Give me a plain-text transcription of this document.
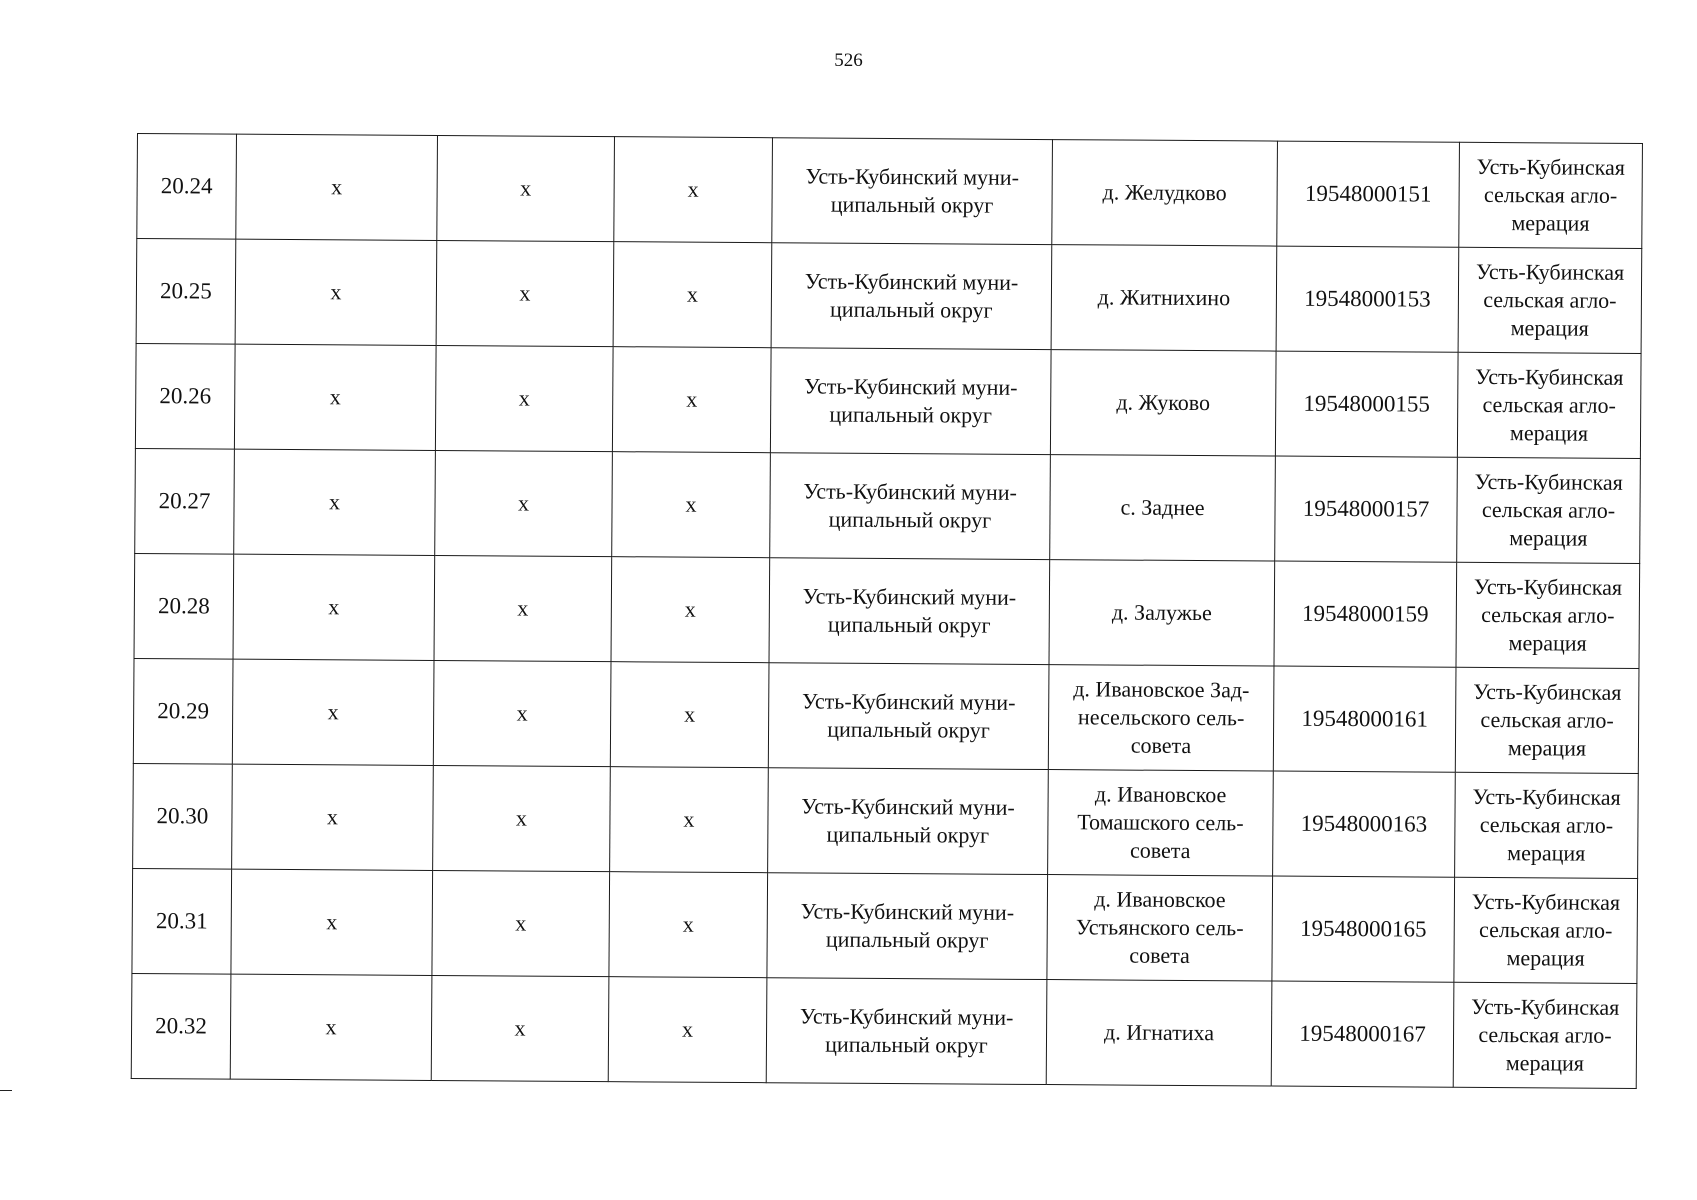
526
20.24	х	х	х	Усть-Кубинский муни-
ципальный округ	д. Желудково	19548000151	Усть-Кубинская
сельская агло-
мерация
20.25	х	х	х	Усть-Кубинский муни-
ципальный округ	д. Житнихино	19548000153	Усть-Кубинская
сельская агло-
мерация
20.26	х	х	х	Усть-Кубинский муни-
ципальный округ	д. Жуково	19548000155	Усть-Кубинская
сельская агло-
мерация
20.27	х	х	х	Усть-Кубинский муни-
ципальный округ	с. Заднее	19548000157	Усть-Кубинская
сельская агло-
мерация
20.28	х	х	х	Усть-Кубинский муни-
ципальный округ	д. Залужье	19548000159	Усть-Кубинская
сельская агло-
мерация
20.29	х	х	х	Усть-Кубинский муни-
ципальный округ	д. Ивановское Зад-
несельского сель-
совета	19548000161	Усть-Кубинская
сельская агло-
мерация
20.30	х	х	х	Усть-Кубинский муни-
ципальный округ	д. Ивановское
Томашского сель-
совета	19548000163	Усть-Кубинская
сельская агло-
мерация
20.31	х	х	х	Усть-Кубинский муни-
ципальный округ	д. Ивановское
Устьянского сель-
совета	19548000165	Усть-Кубинская
сельская агло-
мерация
20.32	х	х	х	Усть-Кубинский муни-
ципальный округ	д. Игнатиха	19548000167	Усть-Кубинская
сельская агло-
мерация
